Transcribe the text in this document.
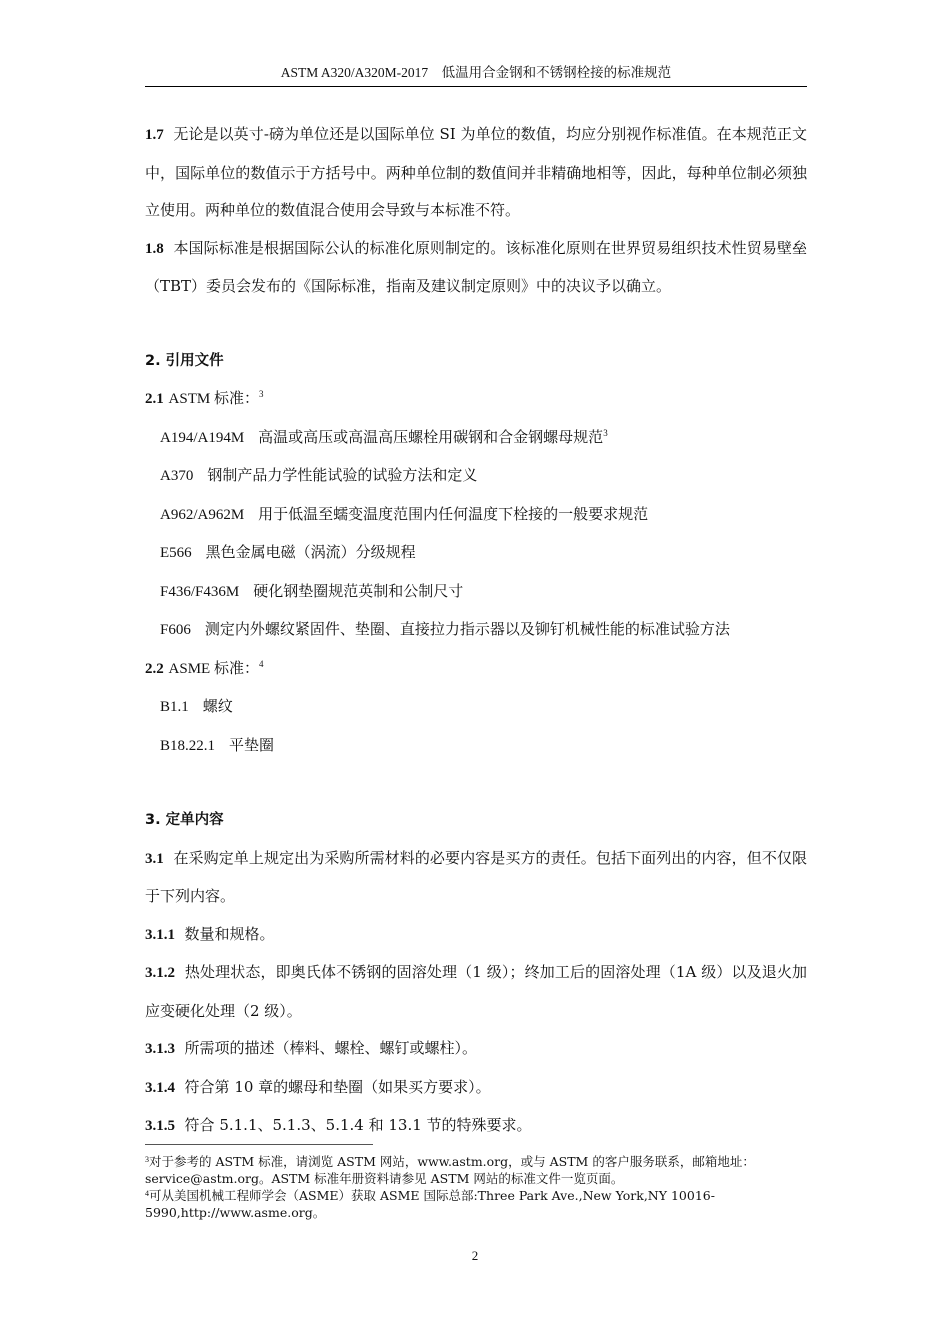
ASTM A320/A320M-2017　低温用合金钢和不锈钢栓接的标准规范

1.7 无论是以英寸-磅为单位还是以国际单位 SI 为单位的数值，均应分别视作标准值。在本规范正文中，国际单位的数值示于方括号中。两种单位制的数值间并非精确地相等，因此，每种单位制必须独立使用。两种单位的数值混合使用会导致与本标准不符。

1.8 本国际标准是根据国际公认的标准化原则制定的。该标准化原则在世界贸易组织技术性贸易壁垒（TBT）委员会发布的《国际标准，指南及建议制定原则》中的决议予以确立。

2. 引用文件

2.1 ASTM 标准：$^3$

A194/A194M 高温或高压或高温高压螺栓用碳钢和合金钢螺母规范$^3$

A370 钢制产品力学性能试验的试验方法和定义

A962/A962M 用于低温至蠕变温度范围内任何温度下栓接的一般要求规范

E566 黑色金属电磁（涡流）分级规程

F436/F436M 硬化钢垫圈规范英制和公制尺寸

F606 测定内外螺纹紧固件、垫圈、直接拉力指示器以及铆钉机械性能的标准试验方法

2.2 ASME 标准：$^4$

B1.1 螺纹

B18.22.1 平垫圈

3. 定单内容

3.1 在采购定单上规定出为采购所需材料的必要内容是买方的责任。包括下面列出的内容，但不仅限于下列内容。

3.1.1 数量和规格。

3.1.2 热处理状态，即奥氏体不锈钢的固溶处理（1 级）；终加工后的固溶处理（1A 级）以及退火加应变硬化处理（2 级）。

3.1.3 所需项的描述（棒料、螺栓、螺钉或螺柱）。

3.1.4 符合第 10 章的螺母和垫圈（如果买方要求）。

3.1.5 符合 5.1.1、5.1.3、5.1.4 和 13.1 节的特殊要求。

$^3$对于参考的 ASTM 标准，请浏览 ASTM 网站，www.astm.org，或与 ASTM 的客户服务联系，邮箱地址：service@astm.org。ASTM 标准年册资料请参见 ASTM 网站的标准文件一览页面。

$^4$可从美国机械工程师学会（ASME）获取 ASME 国际总部:Three Park Ave.,New York,NY 10016-5990,http://www.asme.org。

2
